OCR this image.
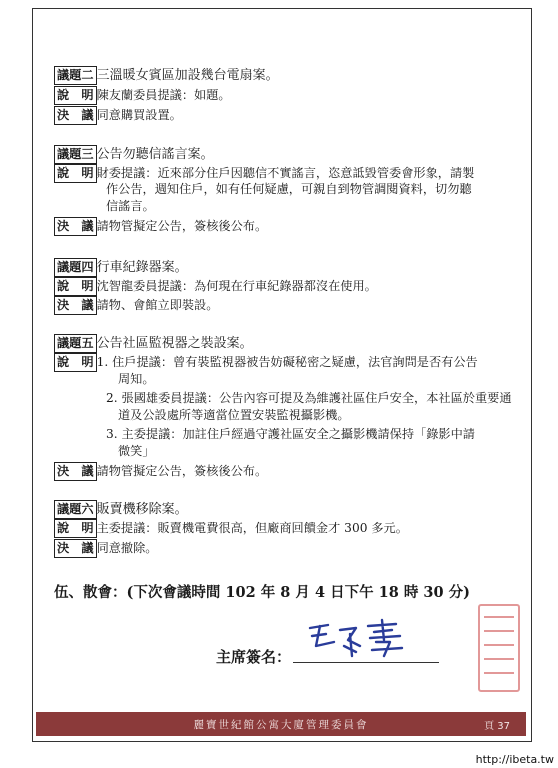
議題二 三溫暖女賓區加設幾台電扇案。
說　明 陳友蘭委員提議：如題。
決　議 同意購買設置。
議題三 公告勿聽信謠言案。
說　明 財委提議：近來部分住戶因聽信不實謠言，恣意詆毀管委會形象，請製
作公告，週知住戶，如有任何疑慮，可親自到物管調閱資料，切勿聽
信謠言。
決　議 請物管擬定公告，簽核後公布。
議題四 行車紀錄器案。
說　明 沈智龍委員提議：為何現在行車紀錄器都沒在使用。
決　議 請物、會館立即裝設。
議題五 公告社區監視器之裝設案。
說　明 1. 住戶提議：曾有裝監視器被告妨礙秘密之疑慮，法官詢問是否有公告
周知。
2. 張國雄委員提議：公告內容可提及為維護社區住戶安全，本社區於重要通
道及公設處所等適當位置安裝監視攝影機。
3. 主委提議：加註住戶經過守護社區安全之攝影機請保持「錄影中請
微笑」
決　議 請物管擬定公告，簽核後公布。
議題六 販賣機移除案。
說　明 主委提議：販賣機電費很高，但廠商回饋金才 300 多元。
決　議 同意撤除。
伍、散會：(下次會議時間 102 年 8 月 4 日下午 18 時 30 分)
主席簽名：
麗寶世紀館公寓大廈管理委員會	頁 37
http://ibeta.tw
